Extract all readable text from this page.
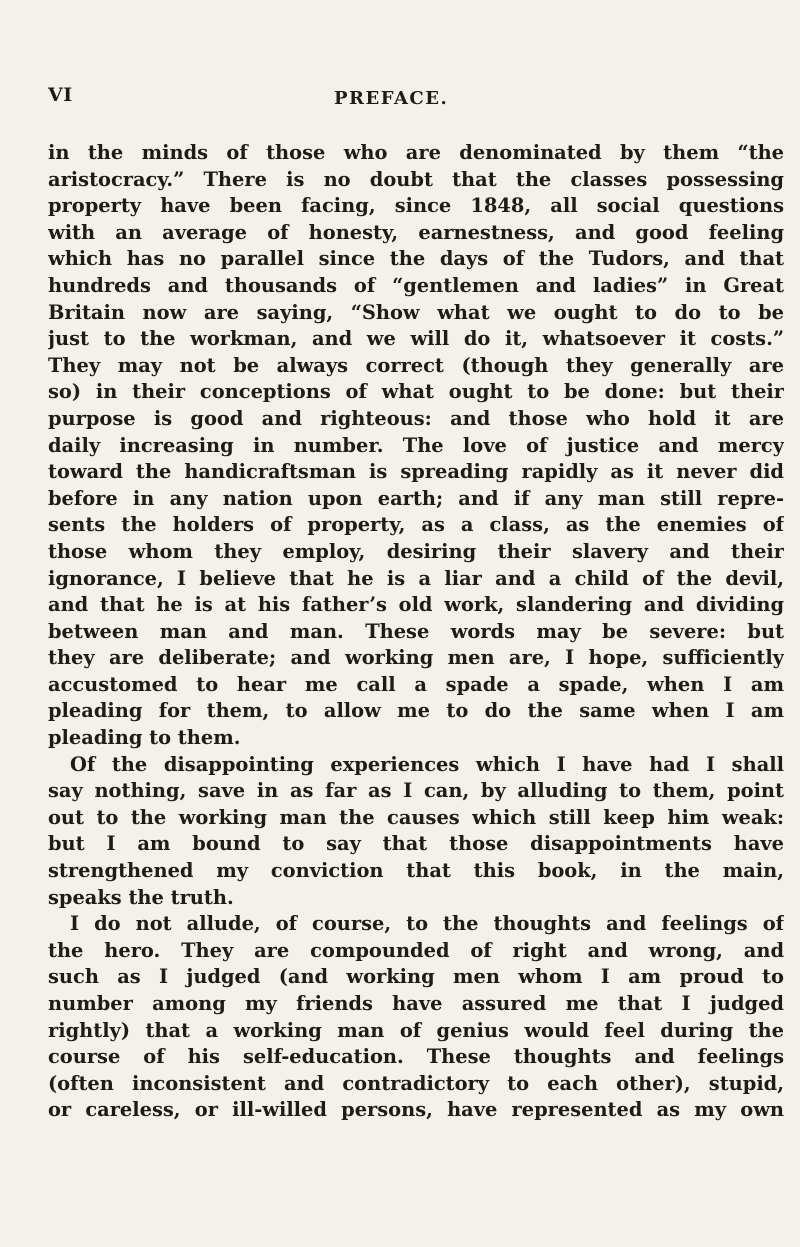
VI	PREFACE.
in the minds of those who are denominated by them “the
aristocracy.” There is no doubt that the classes possessing
property have been facing, since 1848, all social questions
with an average of honesty, earnestness, and good feeling
which has no parallel since the days of the Tudors, and that
hundreds and thousands of “gentlemen and ladies” in Great
Britain now are saying, “Show what we ought to do to be
just to the workman, and we will do it, whatsoever it costs.”
They may not be always correct (though they generally are
so) in their conceptions of what ought to be done: but their
purpose is good and righteous: and those who hold it are
daily increasing in number. The love of justice and mercy
toward the handicraftsman is spreading rapidly as it never did
before in any nation upon earth; and if any man still repre-
sents the holders of property, as a class, as the enemies of
those whom they employ, desiring their slavery and their
ignorance, I believe that he is a liar and a child of the devil,
and that he is at his father’s old work, slandering and dividing
between man and man. These words may be severe: but
they are deliberate; and working men are, I hope, sufficiently
accustomed to hear me call a spade a spade, when I am
pleading for them, to allow me to do the same when I am
pleading to them.
Of the disappointing experiences which I have had I shall
say nothing, save in as far as I can, by alluding to them, point
out to the working man the causes which still keep him weak:
but I am bound to say that those disappointments have
strengthened my conviction that this book, in the main,
speaks the truth.
I do not allude, of course, to the thoughts and feelings of
the hero. They are compounded of right and wrong, and
such as I judged (and working men whom I am proud to
number among my friends have assured me that I judged
rightly) that a working man of genius would feel during the
course of his self-education. These thoughts and feelings
(often inconsistent and contradictory to each other), stupid,
or careless, or ill-willed persons, have represented as my own
